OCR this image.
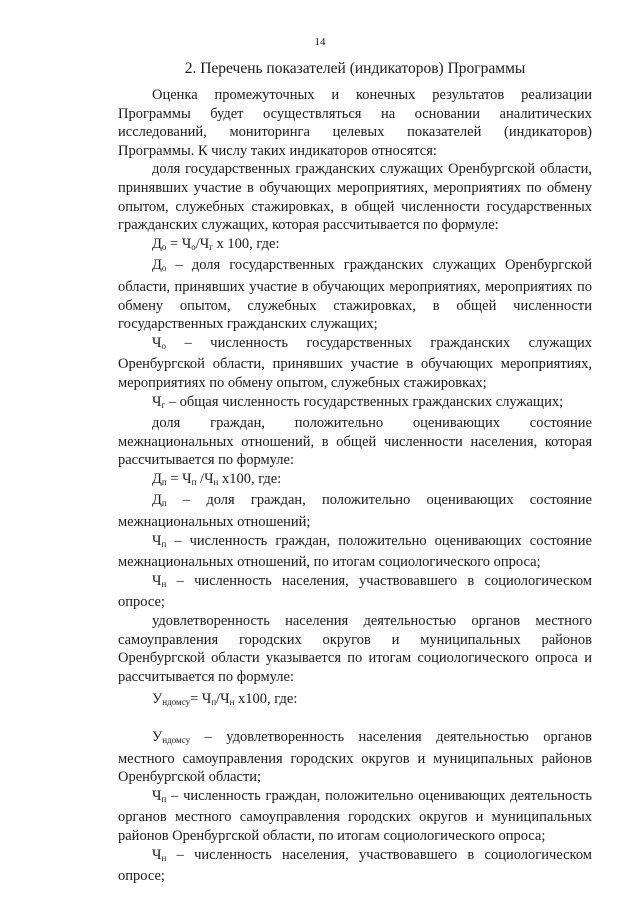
14
2. Перечень показателей (индикаторов) Программы

Оценка промежуточных и конечных результатов реализации Программы будет осуществляться на основании аналитических исследований, мониторинга целевых показателей (индикаторов) Программы. К числу таких индикаторов относятся:

доля государственных гражданских служащих Оренбургской области, принявших участие в обучающих мероприятиях, мероприятиях по обмену опытом, служебных стажировках, в общей численности государственных гражданских служащих, которая рассчитывается по формуле:

$Д_о = Ч_о/Ч_г$ х 100, где:

$Д_о$ – доля государственных гражданских служащих Оренбургской области, принявших участие в обучающих мероприятиях, мероприятиях по обмену опытом, служебных стажировках, в общей численности государственных гражданских служащих;

$Ч_о$ – численность государственных гражданских служащих Оренбургской области, принявших участие в обучающих мероприятиях, мероприятиях по обмену опытом, служебных стажировках;

$Ч_г$ – общая численность государственных гражданских служащих;

доля граждан, положительно оценивающих состояние межнациональных отношений, в общей численности населения, которая рассчитывается по формуле:

$Д_п = Ч_п$ $/Ч_н$ х100, где:

$Д_п$ – доля граждан, положительно оценивающих состояние межнациональных отношений;

$Ч_п$ – численность граждан, положительно оценивающих состояние межнациональных отношений, по итогам социологического опроса;

$Ч_н$ – численность населения, участвовавшего в социологическом опросе;

удовлетворенность населения деятельностью органов местного самоуправления городских округов и муниципальных районов Оренбургской области указывается по итогам социологического опроса и рассчитывается по формуле:

$У_{ндомсу}= Ч_п/Ч_н$ х100, где:

$У_{ндомсу}$ – удовлетворенность населения деятельностью органов местного самоуправления городских округов и муниципальных районов Оренбургской области;

$Ч_п$ – численность граждан, положительно оценивающих деятельность органов местного самоуправления городских округов и муниципальных районов Оренбургской области, по итогам социологического опроса;

$Ч_н$ – численность населения, участвовавшего в социологическом опросе;
